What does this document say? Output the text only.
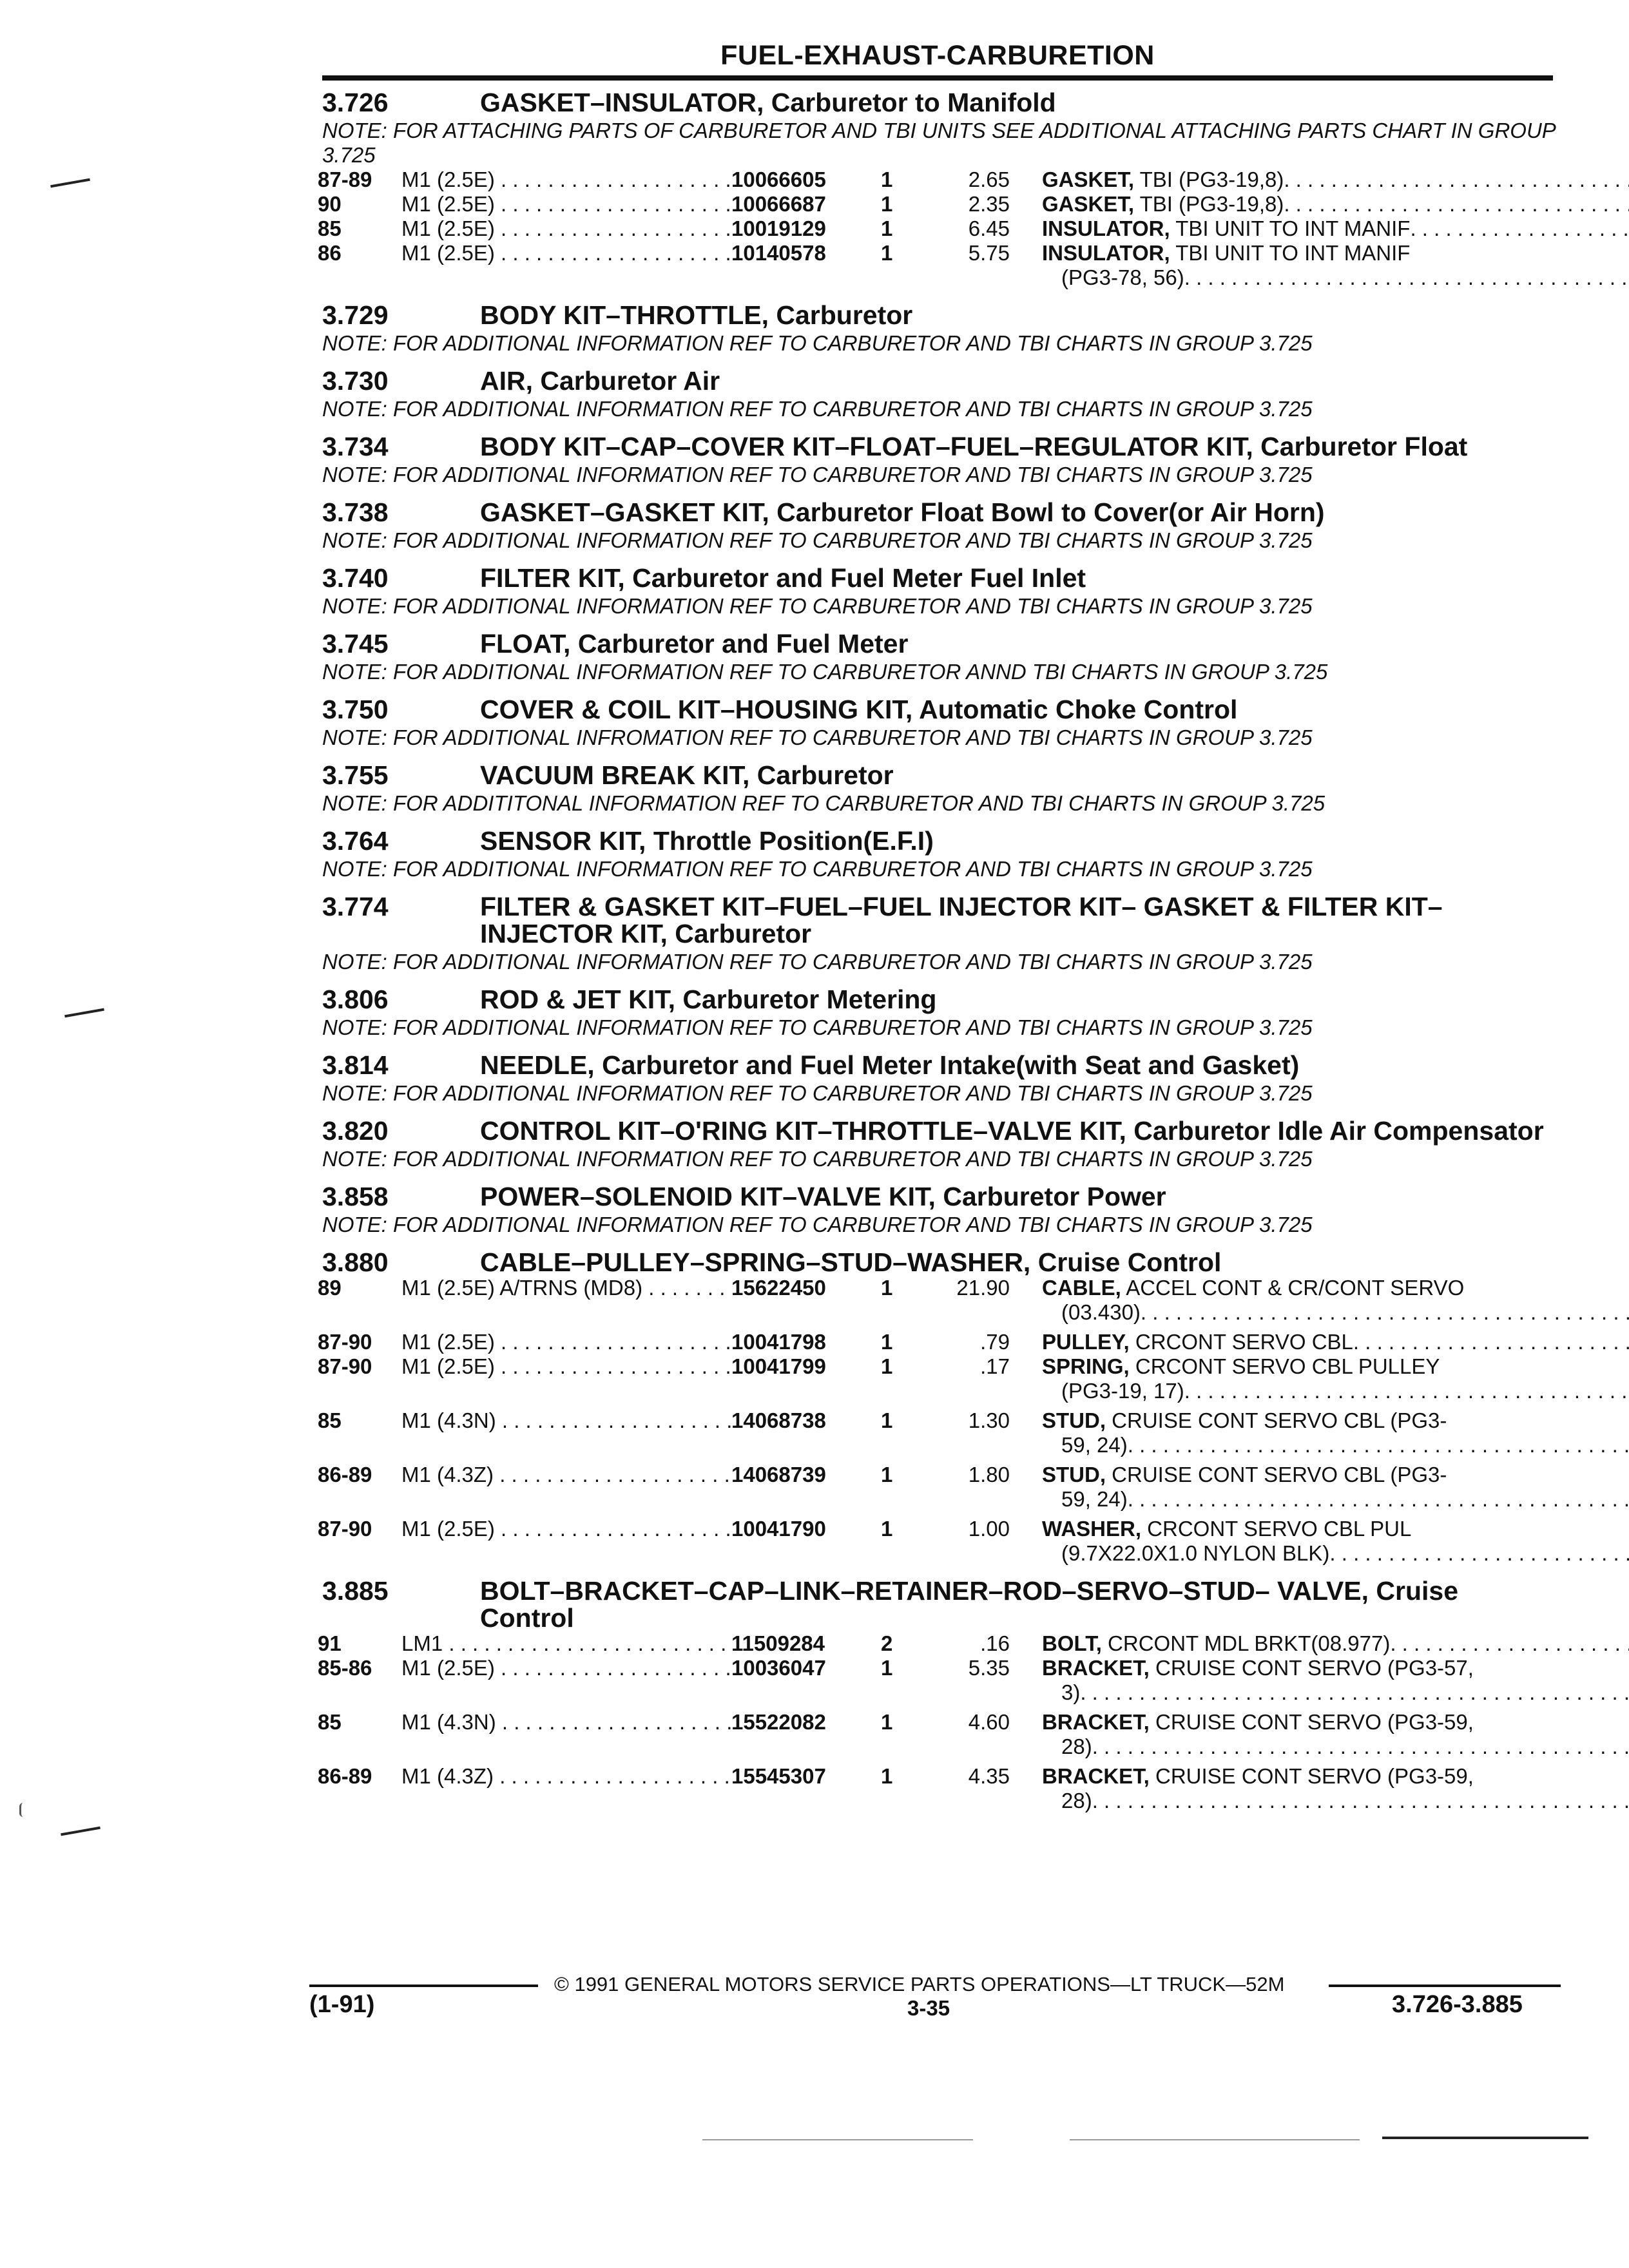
FUEL-EXHAUST-CARBURETION
3.726	GASKET–INSULATOR, Carburetor to Manifold
NOTE: FOR ATTACHING PARTS OF CARBURETOR AND TBI UNITS SEE ADDITIONAL ATTACHING PARTS CHART IN GROUP 3.725
87-89	M1 (2.5E) . . .	10066605	1	2.65 GASKET, TBI (PG3-19,8)
. . .
90	M1 (2.5E) . . .	10066687	1	2.35 GASKET, TBI (PG3-19,8)
. . .
85	M1 (2.5E) . . .	10019129	1	6.45 INSULATOR, TBI UNIT TO INT MANIF
. . .
86	M1 (2.5E) . . .	10140578	1	5.75 INSULATOR, TBI UNIT TO INT MANIF
(PG3-78, 56)
. . .
3.729	BODY KIT–THROTTLE, Carburetor
NOTE: FOR ADDITIONAL INFORMATION REF TO CARBURETOR AND TBI CHARTS IN GROUP 3.725
3.730	AIR, Carburetor Air
NOTE: FOR ADDITIONAL INFORMATION REF TO CARBURETOR AND TBI CHARTS IN GROUP 3.725
3.734	BODY KIT–CAP–COVER KIT–FLOAT–FUEL–REGULATOR KIT, Carburetor Float
NOTE: FOR ADDITIONAL INFORMATION REF TO CARBURETOR AND TBI CHARTS IN GROUP 3.725
3.738	GASKET–GASKET KIT, Carburetor Float Bowl to Cover(or Air Horn)
NOTE: FOR ADDITIONAL INFORMATION REF TO CARBURETOR AND TBI CHARTS IN GROUP 3.725
3.740	FILTER KIT, Carburetor and Fuel Meter Fuel Inlet
NOTE: FOR ADDITIONAL INFORMATION REF TO CARBURETOR AND TBI CHARTS IN GROUP 3.725
3.745	FLOAT, Carburetor and Fuel Meter
NOTE: FOR ADDITIONAL INFORMATION REF TO CARBURETOR ANND TBI CHARTS IN GROUP 3.725
3.750	COVER & COIL KIT–HOUSING KIT, Automatic Choke Control
NOTE: FOR ADDITIONAL INFROMATION REF TO CARBURETOR AND TBI CHARTS IN GROUP 3.725
3.755	VACUUM BREAK KIT, Carburetor
NOTE: FOR ADDITITONAL INFORMATION REF TO CARBURETOR AND TBI CHARTS IN GROUP 3.725
3.764	SENSOR KIT, Throttle Position(E.F.I)
NOTE: FOR ADDITIONAL INFORMATION REF TO CARBURETOR AND TBI CHARTS IN GROUP 3.725
3.774	FILTER & GASKET KIT–FUEL–FUEL INJECTOR KIT– GASKET & FILTER KIT–INJECTOR KIT, Carburetor
NOTE: FOR ADDITIONAL INFORMATION REF TO CARBURETOR AND TBI CHARTS IN GROUP 3.725
3.806	ROD & JET KIT, Carburetor Metering
NOTE: FOR ADDITIONAL INFORMATION REF TO CARBURETOR AND TBI CHARTS IN GROUP 3.725
3.814	NEEDLE, Carburetor and Fuel Meter Intake(with Seat and Gasket)
NOTE: FOR ADDITIONAL INFORMATION REF TO CARBURETOR AND TBI CHARTS IN GROUP 3.725
3.820	CONTROL KIT–O'RING KIT–THROTTLE–VALVE KIT, Carburetor Idle Air Compensator
NOTE: FOR ADDITIONAL INFORMATION REF TO CARBURETOR AND TBI CHARTS IN GROUP 3.725
3.858	POWER–SOLENOID KIT–VALVE KIT, Carburetor Power
NOTE: FOR ADDITIONAL INFORMATION REF TO CARBURETOR AND TBI CHARTS IN GROUP 3.725
3.880	CABLE–PULLEY–SPRING–STUD–WASHER, Cruise Control
89	M1 (2.5E) A/TRNS (MD8) . . .	15622450	1	21.90 CABLE, ACCEL CONT & CR/CONT SERVO
(03.430)
. . .
87-90	M1 (2.5E) . . .	10041798	1	.79 PULLEY, CRCONT SERVO CBL
. . .
87-90	M1 (2.5E) . . .	10041799	1	.17 SPRING, CRCONT SERVO CBL PULLEY
(PG3-19, 17)
. . .
85	M1 (4.3N) . . .	14068738	1	1.30 STUD, CRUISE CONT SERVO CBL (PG3-
59, 24)
. . .
86-89	M1 (4.3Z) . . .	14068739	1	1.80 STUD, CRUISE CONT SERVO CBL (PG3-
59, 24)
. . .
87-90	M1 (2.5E) . . .	10041790	1	1.00 WASHER, CRCONT SERVO CBL PUL
(9.7X22.0X1.0 NYLON BLK)
. . .
3.885	BOLT–BRACKET–CAP–LINK–RETAINER–ROD–SERVO–STUD– VALVE, Cruise Control
91	LM1 . . .	11509284	2	.16 BOLT, CRCONT MDL BRKT(08.977)
. . .
85-86	M1 (2.5E) . . .	10036047	1	5.35 BRACKET, CRUISE CONT SERVO (PG3-57,
3)
. . .
85	M1 (4.3N) . . .	15522082	1	4.60 BRACKET, CRUISE CONT SERVO (PG3-59,
28)
. . .
86-89	M1 (4.3Z) . . .	15545307	1	4.35 BRACKET, CRUISE CONT SERVO (PG3-59,
28)
. . .
© 1991 GENERAL MOTORS SERVICE PARTS OPERATIONS—LT TRUCK—52M
(1-91)	3-35	3.726-3.885
